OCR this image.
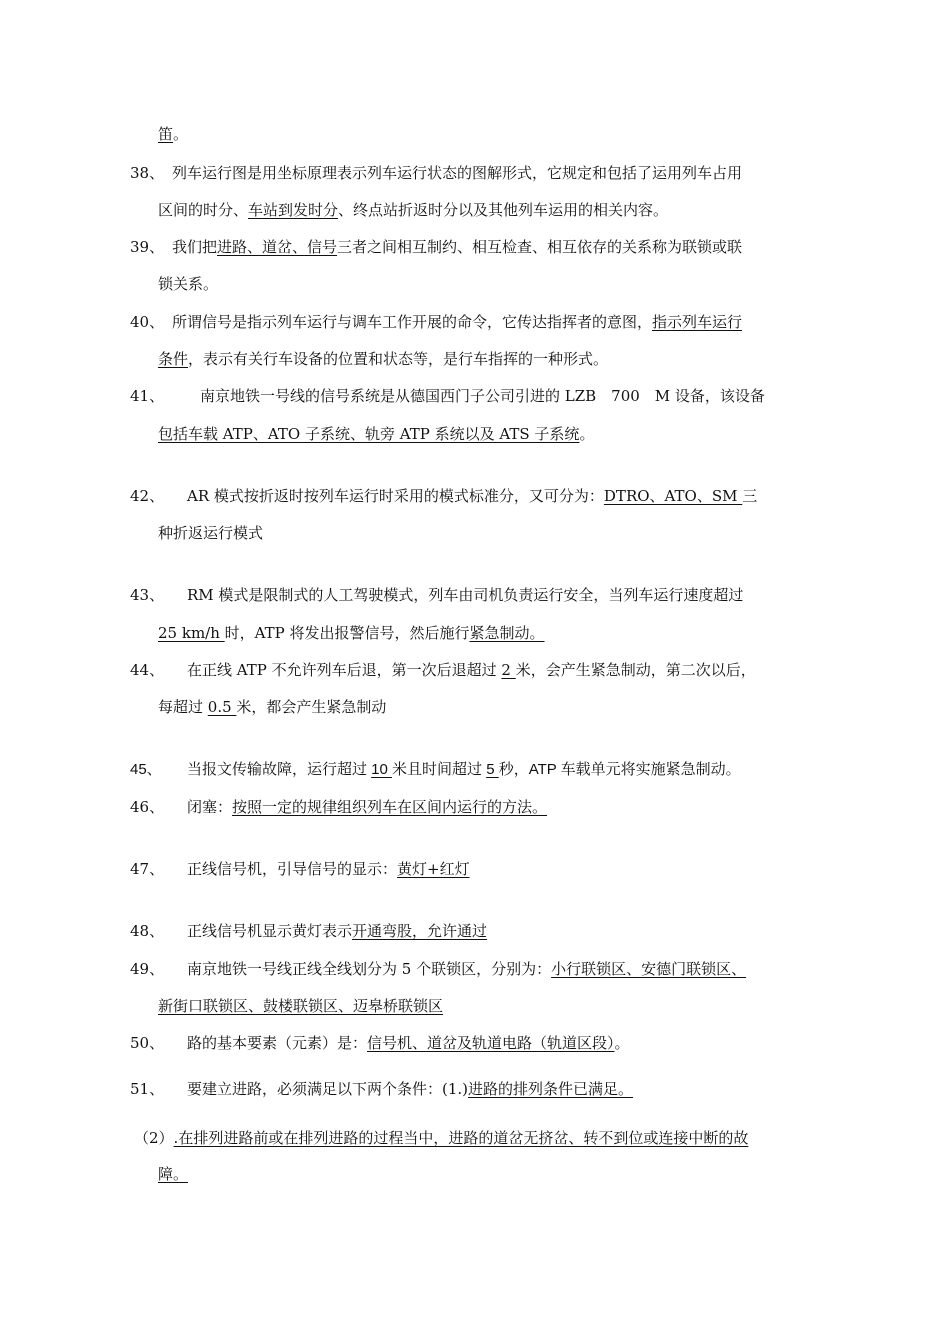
笛。
38、 列车运行图是用坐标原理表示列车运行状态的图解形式，它规定和包括了运用列车占用
区间的时分、车站到发时分、终点站折返时分以及其他列车运用的相关内容。
39、 我们把进路、道岔、信号三者之间相互制约、相互检查、相互依存的关系称为联锁或联
锁关系。
40、 所谓信号是指示列车运行与调车工作开展的命令，它传达指挥者的意图，指示列车运行
条件，表示有关行车设备的位置和状态等，是行车指挥的一种形式。
41、 南京地铁一号线的信号系统是从德国西门子公司引进的 LZB　700　M 设备，该设备
包括车载 ATP、ATO 子系统、轨旁 ATP 系统以及 ATS 子系统。
42、 AR 模式按折返时按列车运行时采用的模式标准分，又可分为：DTRO、ATO、SM 三
种折返运行模式
43、 RM 模式是限制式的人工驾驶模式，列车由司机负责运行安全，当列车运行速度超过
25 km/h 时，ATP 将发出报警信号，然后施行紧急制动。
44、 在正线 ATP 不允许列车后退，第一次后退超过 2 米，会产生紧急制动，第二次以后，
每超过 0.5 米，都会产生紧急制动
45、 当报文传输故障，运行超过 10 米且时间超过 5 秒，ATP 车载单元将实施紧急制动。
46、 闭塞：按照一定的规律组织列车在区间内运行的方法。
47、 正线信号机，引导信号的显示：黄灯+红灯
48、 正线信号机显示黄灯表示开通弯股，允许通过
49、 南京地铁一号线正线全线划分为 5 个联锁区，分别为：小行联锁区、安德门联锁区、
新街口联锁区、鼓楼联锁区、迈皋桥联锁区
50、 路的基本要素（元素）是：信号机、道岔及轨道电路（轨道区段）。
51、 要建立进路，必须满足以下两个条件：(1.)进路的排列条件已满足。
（2）.在排列进路前或在排列进路的过程当中，进路的道岔无挤岔、转不到位或连接中断的故
障。
